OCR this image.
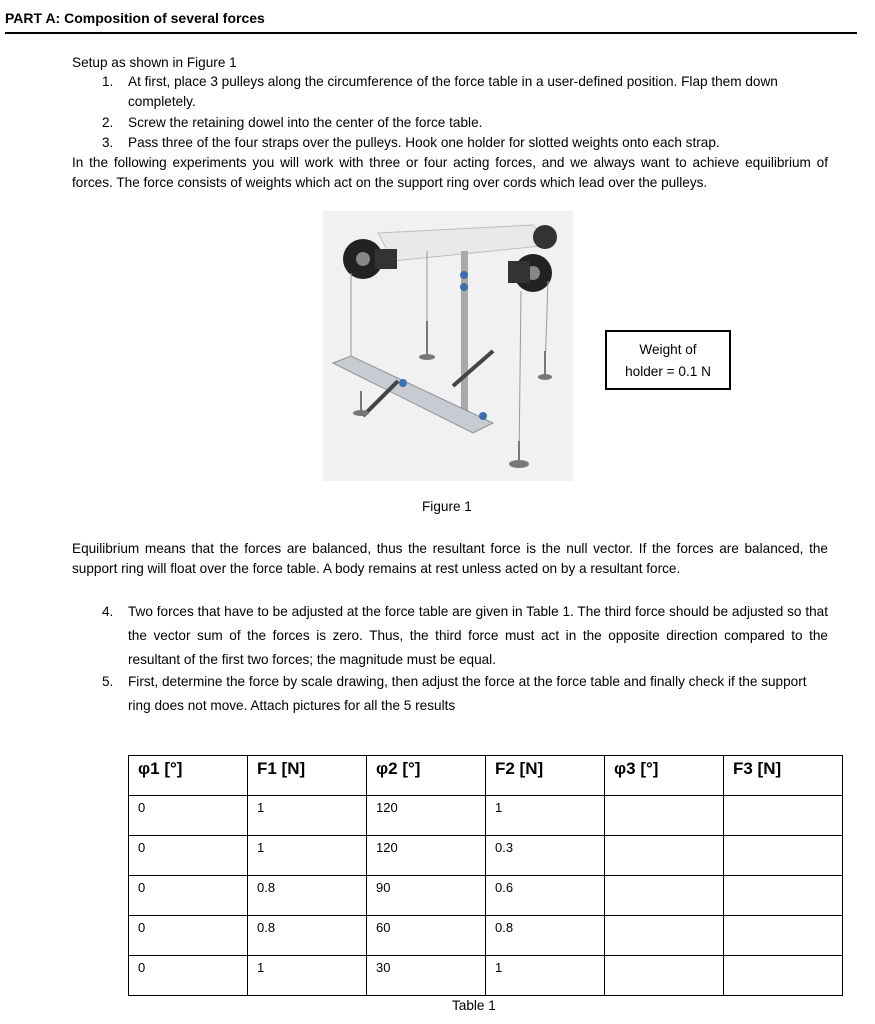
PART A: Composition of several forces
Setup as shown in Figure 1
1. At first, place 3 pulleys along the circumference of the force table in a user-defined position. Flap them down completely.
2. Screw the retaining dowel into the center of the force table.
3. Pass three of the four straps over the pulleys. Hook one holder for slotted weights onto each strap.
In the following experiments you will work with three or four acting forces, and we always want to achieve equilibrium of forces. The force consists of weights which act on the support ring over cords which lead over the pulleys.
Weight of
holder = 0.1 N
Figure 1
Equilibrium means that the forces are balanced, thus the resultant force is the null vector. If the forces are balanced, the support ring will float over the force table. A body remains at rest unless acted on by a resultant force.
4. Two forces that have to be adjusted at the force table are given in Table 1. The third force should be adjusted so that the vector sum of the forces is zero. Thus, the third force must act in the opposite direction compared to the resultant of the first two forces; the magnitude must be equal.
5. First, determine the force by scale drawing, then adjust the force at the force table and finally check if the support ring does not move. Attach pictures for all the 5 results
φ1 [°]	F1 [N]	φ2 [°]	F2 [N]	φ3 [°]	F3 [N]
0	1	120	1		
0	1	120	0.3		
0	0.8	90	0.6		
0	0.8	60	0.8		
0	1	30	1		
Table 1
